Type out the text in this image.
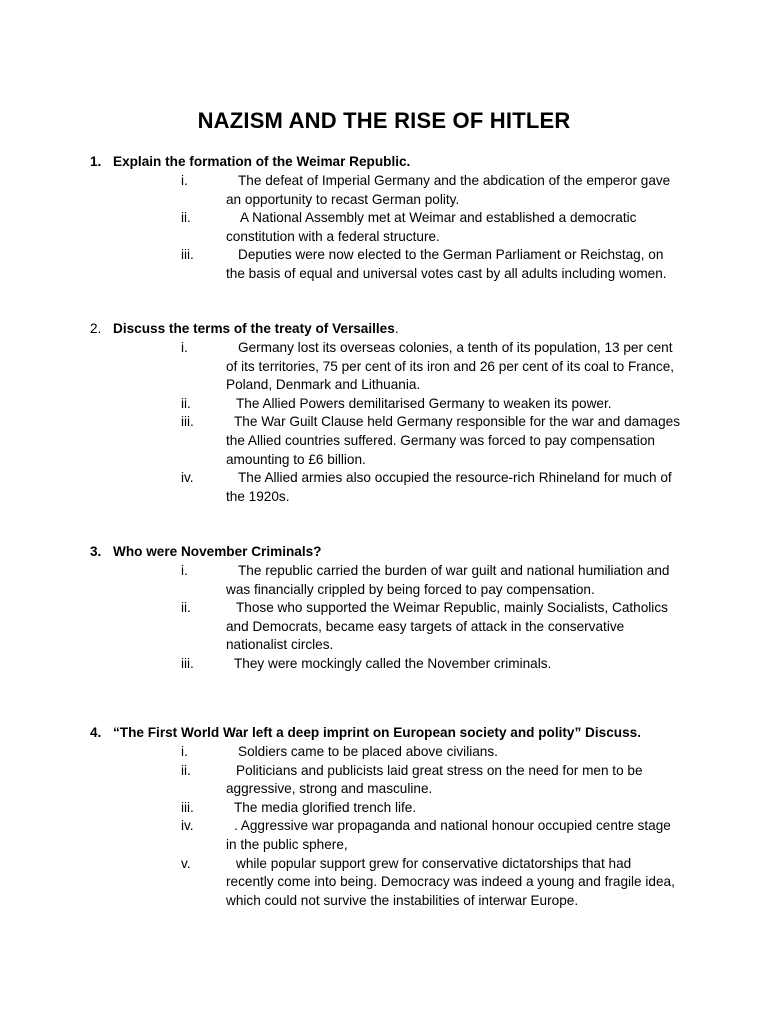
NAZISM AND THE RISE OF HITLER
1. Explain the formation of the Weimar Republic.
i.	The defeat of Imperial Germany and the abdication of the emperor gave an opportunity to recast German polity.
ii.	A National Assembly met at Weimar and established a democratic constitution with a federal structure.
iii.	Deputies were now elected to the German Parliament or Reichstag, on the basis of equal and universal votes cast by all adults including women.
2. Discuss the terms of the treaty of Versailles.
i.	Germany lost its overseas colonies, a tenth of its population, 13 per cent of its territories, 75 per cent of its iron and 26 per cent of its coal to France, Poland, Denmark and Lithuania.
ii.	The Allied Powers demilitarised Germany to weaken its power.
iii.	The War Guilt Clause held Germany responsible for the war and damages the Allied countries suffered. Germany was forced to pay compensation amounting to £6 billion.
iv.	The Allied armies also occupied the resource-rich Rhineland for much of the 1920s.
3. Who were November Criminals?
i.	The republic carried the burden of war guilt and national humiliation and was financially crippled by being forced to pay compensation.
ii.	Those who supported the Weimar Republic, mainly Socialists, Catholics and Democrats, became easy targets of attack in the conservative nationalist circles.
iii.	They were mockingly called the November criminals.
4. “The First World War left a deep imprint on European society and polity” Discuss.
i.	Soldiers came to be placed above civilians.
ii.	Politicians and publicists laid great stress on the need for men to be aggressive, strong and masculine.
iii.	The media glorified trench life.
iv.	. Aggressive war propaganda and national honour occupied centre stage in the public sphere,
v.	while popular support grew for conservative dictatorships that had recently come into being. Democracy was indeed a young and fragile idea, which could not survive the instabilities of interwar Europe.
